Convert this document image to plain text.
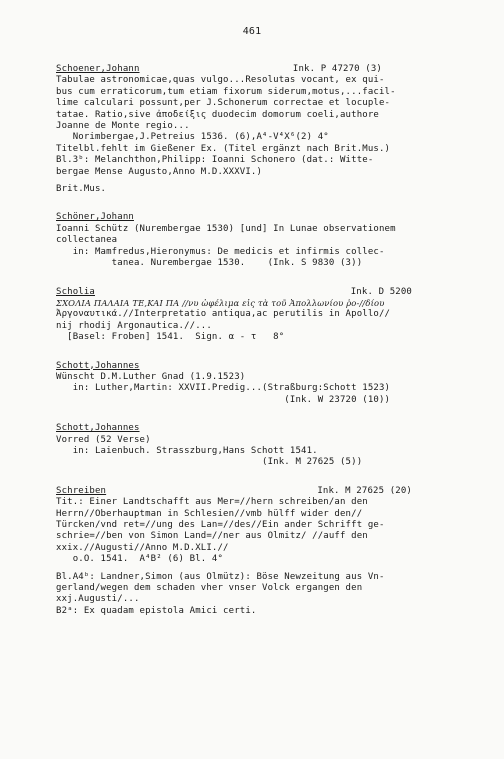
461
Schoener,Johann	Ink. P 47270 (3)
Tabulae astronomicae,quas vulgo...Resolutas vocant, ex qui-
bus cum erraticorum,tum etiam fixorum siderum,motus,...facil-
lime calculari possunt,per J.Schonerum correctae et locuple-
tatae. Ratio,sive ἀποδείξις duodecim domorum coeli,authore
Joanne de Monte regio...
Norimbergae,J.Petreius 1536. (6),A⁴-V⁴X⁶(2) 4°
Titelbl.fehlt im Gießener Ex. (Titel ergänzt nach Brit.Mus.)
Bl.3ᵇ: Melanchthon,Philipp: Ioanni Schonero (dat.: Witte-
bergae Mense Augusto,Anno M.D.XXXVI.)
Brit.Mus.
Schöner,Johann
Ioanni Schütz (Nurembergae 1530) [und] In Lunae observationem
collectanea
in: Mamfredus,Hieronymus: De medicis et infirmis collec-
tanea. Nurembergae 1530.    (Ink. S 9830 (3))
Scholia	Ink. D 5200
ΣΧΟΛΙΑ ΠΑΛΑΙΑ TE,KAI ΠΑ //νυ ὠφέλιμα εἰς τὰ τοῦ Ἀπολλωνίου ῥο-//δίου
Ἀργοναυτικά.//Interpretatio antiqua,ac perutilis in Apollo//
nij rhodij Argonautica.//...
[Basel: Froben] 1541.  Sign. α - τ   8°
Schott,Johannes
Wünscht D.M.Luther Gnad (1.9.1523)
in: Luther,Martin: XXVII.Predig...(Straßburg:Schott 1523)
(Ink. W 23720 (10))
Schott,Johannes
Vorred (52 Verse)
in: Laienbuch. Strasszburg,Hans Schott 1541.
(Ink. M 27625 (5))
Schreiben	Ink. M 27625 (20)
Tit.: Einer Landtschafft aus Mer=//hern schreiben/an den
Herrn//Oberhauptman in Schlesien//vmb hülff wider den//
Türcken/vnd ret=//ung des Lan=//des//Ein ander Schrifft ge-
schrie=//ben von Simon Land=//ner aus Olmitz/ //auff den
xxix.//Augusti//Anno M.D.XLI.//
o.O. 1541.  A⁴B² (6) Bl. 4°
Bl.A4ᵇ: Landner,Simon (aus Olmütz): Böse Newzeitung aus Vn-
gerland/wegen dem schaden vher vnser Volck ergangen den
xxj.Augusti/...
B2ᵃ: Ex quadam epistola Amici certi.
